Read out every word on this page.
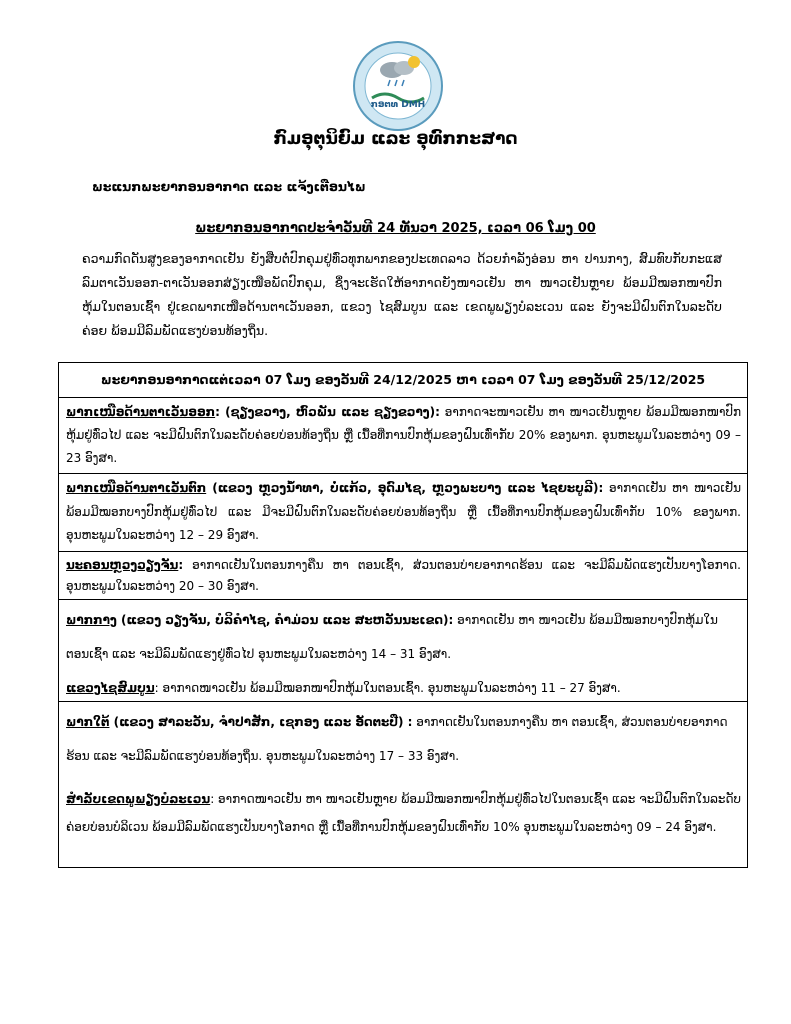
ກອຕທ DMH
ກົມອຸຕຸນິຍົມ ແລະ ອຸທົກກະສາດ
ພະແນກພະຍາກອນອາກາດ ແລະ ແຈ້ງເຕືອນໄພ
ພະຍາກອນອາກາດປະຈຳວັນທີ 24 ທັນວາ 2025, ເວລາ 06 ໂມງ 00
ຄວາມກົດດັນສູງຂອງອາກາດເຢັນ ຍັງສືບຕໍ່ປົກຄຸມຢູ່ທົ່ວທຸກພາກຂອງປະເທດລາວ ດ້ວຍກຳລັງອ່ອນ ຫາ ປານກາງ, ສົມທົບກັບກະແສລົມຕາເວັນອອກ-ຕາເວັນອອກສ່ຽງເໜືອພັດປົກຄຸມ, ຊຶ່ງຈະເຮັດໃຫ້ອາກາດຍັງໜາວເຢັນ ຫາ ໜາວເຢັນຫຼາຍ ພ້ອມມີໝອກໜາປົກຫຸ້ມໃນຕອນເຊົ້າ ຢູ່ເຂດພາກເໜືອດ້ານຕາເວັນອອກ, ແຂວງ ໄຊສົມບູນ ແລະ ເຂດພູພຽງບໍລະເວນ ແລະ ຍັງຈະມີຝົນຕົກໃນລະດັບຄ່ອຍ ພ້ອມມີລົມພັດແຮງບ່ອນທ້ອງຖິ່ນ.
ພະຍາກອນອາກາດແຕ່ເວລາ 07 ໂມງ ຂອງວັນທີ 24/12/2025 ຫາ ເວລາ 07 ໂມງ ຂອງວັນທີ 25/12/2025
ພາກເໜືອດ້ານຕາເວັນອອກ: (ຊຽງຂວາງ, ຫົວພັນ ແລະ ຊຽງຂວາງ): ອາກາດຈະໜາວເຢັນ ຫາ ໜາວເຢັນຫຼາຍ ພ້ອມມີໝອກໜາປົກຫຸ້ມຢູ່ທົ່ວໄປ ແລະ ຈະມີຝົນຕົກໃນລະດັບຄ່ອຍບ່ອນທ້ອງຖິ່ນ ຫຼື ເນື້ອທີ່ການປົກຫຸ້ມຂອງຝົນເທົ່າກັບ 20% ຂອງພາກ. ອຸນຫະພູມໃນລະຫວ່າງ 09 – 23 ອົງສາ.
ພາກເໜືອດ້ານຕາເວັນຕົກ (ແຂວງ ຫຼວງນ້ຳທາ, ບໍ່ແກ້ວ, ອຸດົມໄຊ, ຫຼວງພະບາງ ແລະ ໄຊຍະບູລີ): ອາກາດເຢັນ ຫາ ໜາວເຢັນ ພ້ອມມີໝອກບາງປົກຫຸ້ມຢູ່ທົ່ວໄປ ແລະ ມີຈະມີຝົນຕົກໃນລະດັບຄ່ອຍບ່ອນທ້ອງຖິ່ນ ຫຼື ເນື້ອທີ່ການປົກຫຸ້ມຂອງຝົນເທົ່າກັບ 10% ຂອງພາກ. ອຸນຫະພູມໃນລະຫວ່າງ 12 – 29 ອົງສາ.
ນະຄອນຫຼວງວຽງຈັນ: ອາກາດເຢັນໃນຕອນກາງຄືນ ຫາ ຕອນເຊົ້າ, ສ່ວນຕອນບ່າຍອາກາດຮ້ອນ ແລະ ຈະມີລົມພັດແຮງເປັນບາງໂອກາດ. ອຸນຫະພູມໃນລະຫວ່າງ 20 – 30 ອົງສາ.

ພາກກາງ (ແຂວງ ວຽງຈັນ, ບໍລິຄຳໄຊ, ຄຳມ່ວນ ແລະ ສະຫວັນນະເຂດ): ອາກາດເຢັນ ຫາ ໜາວເຢັນ ພ້ອມມີໝອກບາງປົກຫຸ້ມໃນ

ຕອນເຊົ້າ ແລະ ຈະມີລົມພັດແຮງຢູ່ທົ່ວໄປ ອຸນຫະພູມໃນລະຫວ່າງ 14 – 31 ອົງສາ.

ແຂວງໄຊສົມບູນ: ອາກາດໜາວເຢັນ ພ້ອມມີໝອກໜາປົກຫຸ້ມໃນຕອນເຊົ້າ. ອຸນຫະພູມໃນລະຫວ່າງ 11 – 27 ອົງສາ.

ພາກໃຕ້ (ແຂວງ ສາລະວັນ, ຈຳປາສັກ, ເຊກອງ ແລະ ອັດຕະປື) : ອາກາດເຢັນໃນຕອນກາງຄືນ ຫາ ຕອນເຊົ້າ, ສ່ວນຕອນບ່າຍອາກາດ

ຮ້ອນ ແລະ ຈະມີລົມພັດແຮງບ່ອນທ້ອງຖິ່ນ. ອຸນຫະພູມໃນລະຫວ່າງ 17 – 33 ອົງສາ.

ສໍາລັບເຂດພູພຽງບໍລະເວນ: ອາກາດໜາວເຢັນ ຫາ ໜາວເຢັນຫຼາຍ ພ້ອມມີໝອກໜາປົກຫຸ້ມຢູ່ທົ່ວໄປໃນຕອນເຊົ້າ ແລະ ຈະມີຝົນຕົກໃນລະດັບຄ່ອຍບ່ອນບໍລິເວນ ພ້ອມມີລົມພັດແຮງເປັນບາງໂອກາດ ຫຼື ເນື້ອທີ່ການປົກຫຸ້ມຂອງຝົນເທົ່າກັບ 10% ອຸນຫະພູມໃນລະຫວ່າງ 09 – 24 ອົງສາ.
